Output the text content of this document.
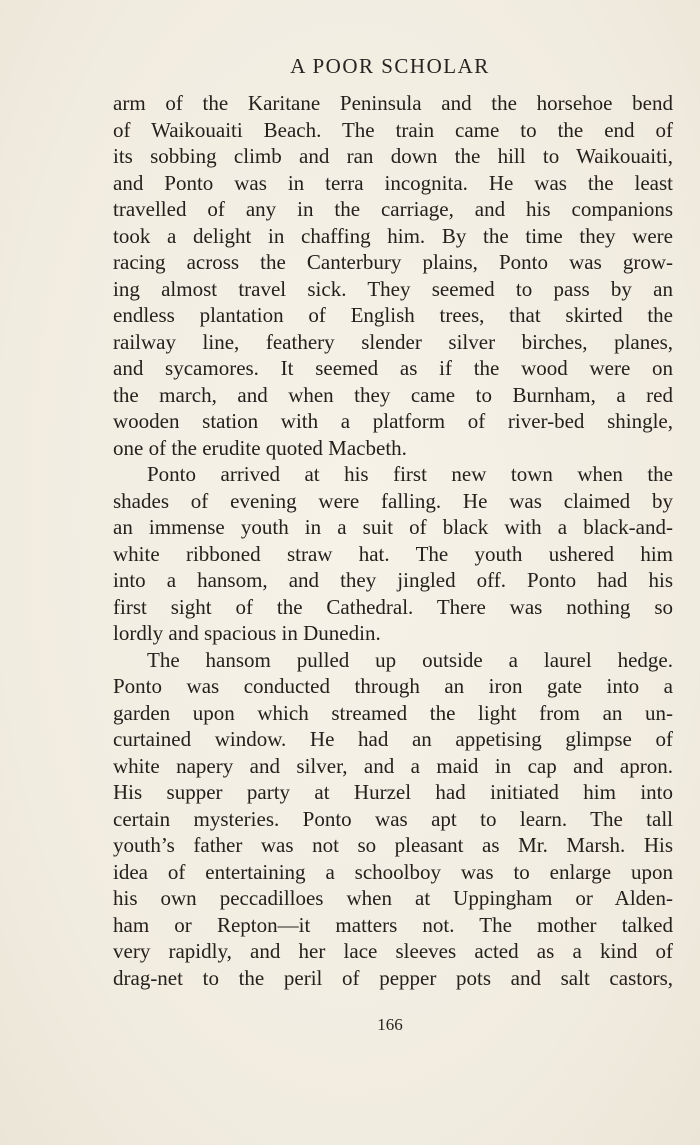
A POOR SCHOLAR
arm of the Karitane Peninsula and the horsehoe bend
of Waikouaiti Beach. The train came to the end of
its sobbing climb and ran down the hill to Waikouaiti,
and Ponto was in terra incognita. He was the least
travelled of any in the carriage, and his companions
took a delight in chaffing him. By the time they were
racing across the Canterbury plains, Ponto was grow-
ing almost travel sick. They seemed to pass by an
endless plantation of English trees, that skirted the
railway line, feathery slender silver birches, planes,
and sycamores. It seemed as if the wood were on
the march, and when they came to Burnham, a red
wooden station with a platform of river-bed shingle,
one of the erudite quoted Macbeth.
Ponto arrived at his first new town when the
shades of evening were falling. He was claimed by
an immense youth in a suit of black with a black-and-
white ribboned straw hat. The youth ushered him
into a hansom, and they jingled off. Ponto had his
first sight of the Cathedral. There was nothing so
lordly and spacious in Dunedin.
The hansom pulled up outside a laurel hedge.
Ponto was conducted through an iron gate into a
garden upon which streamed the light from an un-
curtained window. He had an appetising glimpse of
white napery and silver, and a maid in cap and apron.
His supper party at Hurzel had initiated him into
certain mysteries. Ponto was apt to learn. The tall
youth’s father was not so pleasant as Mr. Marsh. His
idea of entertaining a schoolboy was to enlarge upon
his own peccadilloes when at Uppingham or Alden-
ham or Repton—it matters not. The mother talked
very rapidly, and her lace sleeves acted as a kind of
drag-net to the peril of pepper pots and salt castors,
166
